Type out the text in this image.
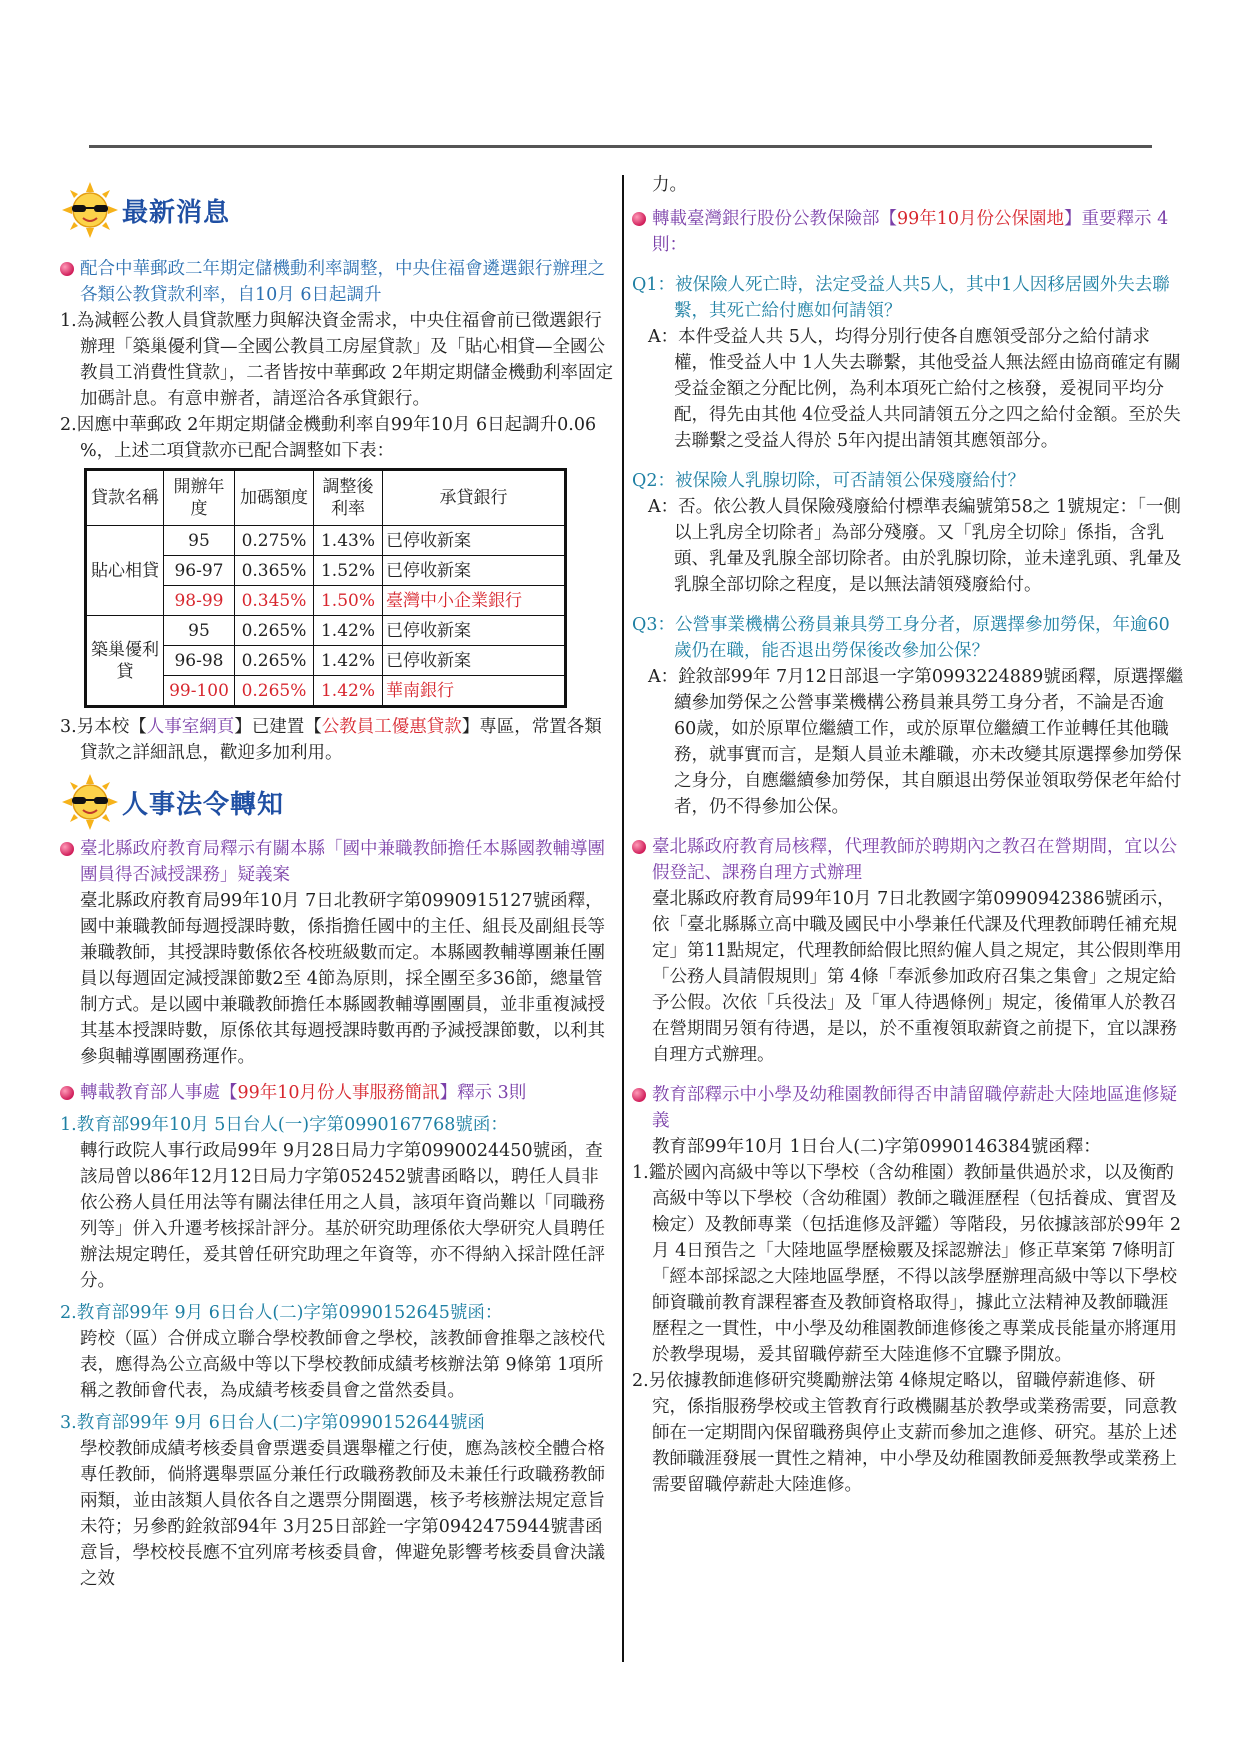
最新消息
配合中華郵政二年期定儲機動利率調整，中央住福會遴選銀行辦理之各類公教貸款利率，自10月 6日起調升

1.為減輕公教人員貸款壓力與解決資金需求，中央住福會前已徵選銀行辦理「築巢優利貸—全國公教員工房屋貸款」及「貼心相貸—全國公教員工消費性貸款」，二者皆按中華郵政 2年期定期儲金機動利率固定加碼計息。有意申辦者，請逕洽各承貸銀行。

2.因應中華郵政 2年期定期儲金機動利率自99年10月 6日起調升0.06 %，上述二項貸款亦已配合調整如下表：

貸款名稱	開辦年度	加碼額度	調整後利率	承貸銀行
貼心相貸	95	0.275%	1.43%	已停收新案
	96-97	0.365%	1.52%	已停收新案
	98-99	0.345%	1.50%	臺灣中小企業銀行
築巢優利貸	95	0.265%	1.42%	已停收新案
	96-98	0.265%	1.42%	已停收新案
	99-100	0.265%	1.42%	華南銀行

3.另本校【人事室網頁】已建置【公教員工優惠貸款】專區，常置各類貸款之詳細訊息，歡迎多加利用。

人事法令轉知
臺北縣政府教育局釋示有關本縣「國中兼職教師擔任本縣國教輔導團團員得否減授課務」疑義案

臺北縣政府教育局99年10月 7日北教研字第0990915127號函釋，國中兼職教師每週授課時數，係指擔任國中的主任、組長及副組長等兼職教師，其授課時數係依各校班級數而定。本縣國教輔導團兼任團員以每週固定減授課節數2至 4節為原則，採全團至多36節，總量管制方式。是以國中兼職教師擔任本縣國教輔導團團員，並非重複減授其基本授課時數，原係依其每週授課時數再酌予減授課節數，以利其參與輔導團團務運作。

轉載教育部人事處【99年10月份人事服務簡訊】釋示 3則

1.教育部99年10月 5日台人(一)字第0990167768號函：

轉行政院人事行政局99年 9月28日局力字第0990024450號函，查該局曾以86年12月12日局力字第052452號書函略以，聘任人員非依公務人員任用法等有關法律任用之人員，該項年資尚難以「同職務列等」併入升遷考核採計評分。基於研究助理係依大學研究人員聘任辦法規定聘任，爰其曾任研究助理之年資等，亦不得納入採計陞任評分。

2.教育部99年 9月 6日台人(二)字第0990152645號函：

跨校（區）合併成立聯合學校教師會之學校，該教師會推舉之該校代表，應得為公立高級中等以下學校教師成績考核辦法第 9條第 1項所稱之教師會代表，為成績考核委員會之當然委員。

3.教育部99年 9月 6日台人(二)字第0990152644號函

學校教師成績考核委員會票選委員選舉權之行使，應為該校全體合格專任教師，倘將選舉票區分兼任行政職務教師及未兼任行政職務教師兩類，並由該類人員依各自之選票分開圈選，核予考核辦法規定意旨未符；另參酌銓敘部94年 3月25日部銓一字第0942475944號書函意旨，學校校長應不宜列席考核委員會，俾避免影響考核委員會決議之效

力。

轉載臺灣銀行股份公教保險部【99年10月份公保園地】重要釋示 4則：

Q1：被保險人死亡時，法定受益人共5人，其中1人因移居國外失去聯繫，其死亡給付應如何請領？

A：本件受益人共 5人，均得分別行使各自應領受部分之給付請求權，惟受益人中 1人失去聯繫，其他受益人無法經由協商確定有關受益金額之分配比例，為利本項死亡給付之核發，爰視同平均分配，得先由其他 4位受益人共同請領五分之四之給付金額。至於失去聯繫之受益人得於 5年內提出請領其應領部分。

Q2：被保險人乳腺切除，可否請領公保殘廢給付？

A：否。依公教人員保險殘廢給付標準表編號第58之 1號規定：「一側以上乳房全切除者」為部分殘廢。又「乳房全切除」係指，含乳頭、乳暈及乳腺全部切除者。由於乳腺切除，並未達乳頭、乳暈及乳腺全部切除之程度，是以無法請領殘廢給付。

Q3：公營事業機構公務員兼具勞工身分者，原選擇參加勞保，年逾60歲仍在職，能否退出勞保後改參加公保？

A：銓敘部99年 7月12日部退一字第0993224889號函釋，原選擇繼續參加勞保之公營事業機構公務員兼具勞工身分者，不論是否逾60歲，如於原單位繼續工作，或於原單位繼續工作並轉任其他職務，就事實而言，是類人員並未離職，亦未改變其原選擇參加勞保之身分，自應繼續參加勞保，其自願退出勞保並領取勞保老年給付者，仍不得參加公保。

臺北縣政府教育局核釋，代理教師於聘期內之教召在營期間，宜以公假登記、課務自理方式辦理

臺北縣政府教育局99年10月 7日北教國字第0990942386號函示，依「臺北縣縣立高中職及國民中小學兼任代課及代理教師聘任補充規定」第11點規定，代理教師給假比照約僱人員之規定，其公假則準用「公務人員請假規則」第 4條「奉派參加政府召集之集會」之規定給予公假。次依「兵役法」及「軍人待遇條例」規定，後備軍人於教召在營期間另領有待遇，是以，於不重複領取薪資之前提下，宜以課務自理方式辦理。

教育部釋示中小學及幼稚園教師得否申請留職停薪赴大陸地區進修疑義

教育部99年10月 1日台人(二)字第0990146384號函釋：

1.鑑於國內高級中等以下學校（含幼稚園）教師量供過於求，以及衡酌高級中等以下學校（含幼稚園）教師之職涯歷程（包括養成、實習及檢定）及教師專業（包括進修及評鑑）等階段，另依據該部於99年 2月 4日預告之「大陸地區學歷檢覈及採認辦法」修正草案第 7條明訂「經本部採認之大陸地區學歷，不得以該學歷辦理高級中等以下學校師資職前教育課程審查及教師資格取得」，據此立法精神及教師職涯歷程之一貫性，中小學及幼稚園教師進修後之專業成長能量亦將運用於教學現場，爰其留職停薪至大陸進修不宜驟予開放。

2.另依據教師進修研究獎勵辦法第 4條規定略以，留職停薪進修、研究，係指服務學校或主管教育行政機關基於教學或業務需要，同意教師在一定期間內保留職務與停止支薪而參加之進修、研究。基於上述教師職涯發展一貫性之精神，中小學及幼稚園教師爰無教學或業務上需要留職停薪赴大陸進修。
